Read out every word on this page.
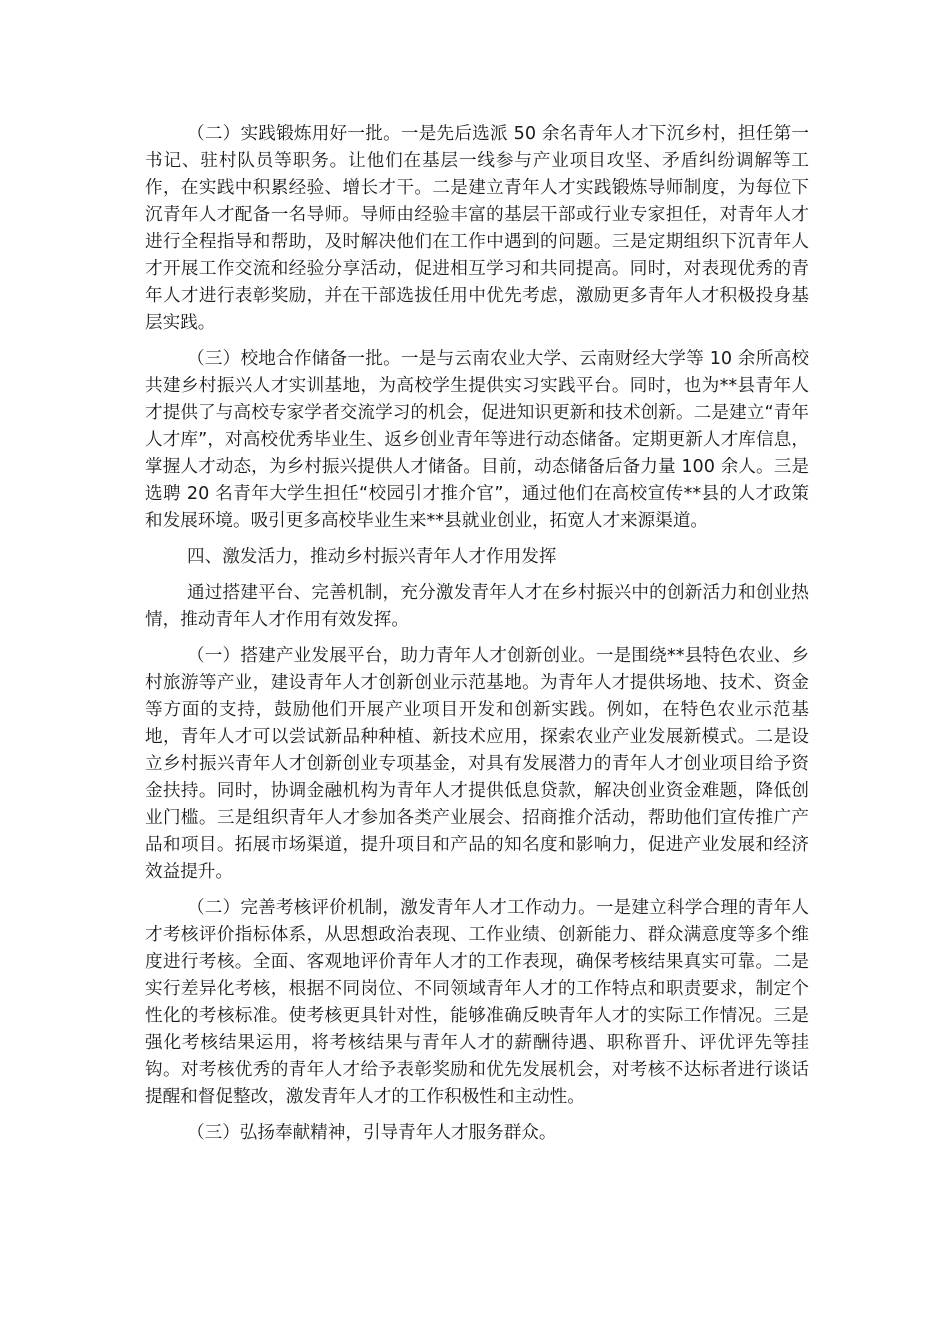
（二）实践锻炼用好一批。一是先后选派 50 余名青年人才下沉乡村，担任第一书记、驻村队员等职务。让他们在基层一线参与产业项目攻坚、矛盾纠纷调解等工作，在实践中积累经验、增长才干。二是建立青年人才实践锻炼导师制度，为每位下沉青年人才配备一名导师。导师由经验丰富的基层干部或行业专家担任，对青年人才进行全程指导和帮助，及时解决他们在工作中遇到的问题。三是定期组织下沉青年人才开展工作交流和经验分享活动，促进相互学习和共同提高。同时，对表现优秀的青年人才进行表彰奖励，并在干部选拔任用中优先考虑，激励更多青年人才积极投身基层实践。

（三）校地合作储备一批。一是与云南农业大学、云南财经大学等 10 余所高校共建乡村振兴人才实训基地，为高校学生提供实习实践平台。同时，也为**县青年人才提供了与高校专家学者交流学习的机会，促进知识更新和技术创新。二是建立“青年人才库”，对高校优秀毕业生、返乡创业青年等进行动态储备。定期更新人才库信息，掌握人才动态，为乡村振兴提供人才储备。目前，动态储备后备力量 100 余人。三是选聘 20 名青年大学生担任“校园引才推介官”，通过他们在高校宣传**县的人才政策和发展环境。吸引更多高校毕业生来**县就业创业，拓宽人才来源渠道。

四、激发活力，推动乡村振兴青年人才作用发挥

通过搭建平台、完善机制，充分激发青年人才在乡村振兴中的创新活力和创业热情，推动青年人才作用有效发挥。

（一）搭建产业发展平台，助力青年人才创新创业。一是围绕**县特色农业、乡村旅游等产业，建设青年人才创新创业示范基地。为青年人才提供场地、技术、资金等方面的支持，鼓励他们开展产业项目开发和创新实践。例如，在特色农业示范基地，青年人才可以尝试新品种种植、新技术应用，探索农业产业发展新模式。二是设立乡村振兴青年人才创新创业专项基金，对具有发展潜力的青年人才创业项目给予资金扶持。同时，协调金融机构为青年人才提供低息贷款，解决创业资金难题，降低创业门槛。三是组织青年人才参加各类产业展会、招商推介活动，帮助他们宣传推广产品和项目。拓展市场渠道，提升项目和产品的知名度和影响力，促进产业发展和经济效益提升。

（二）完善考核评价机制，激发青年人才工作动力。一是建立科学合理的青年人才考核评价指标体系，从思想政治表现、工作业绩、创新能力、群众满意度等多个维度进行考核。全面、客观地评价青年人才的工作表现，确保考核结果真实可靠。二是实行差异化考核，根据不同岗位、不同领域青年人才的工作特点和职责要求，制定个性化的考核标准。使考核更具针对性，能够准确反映青年人才的实际工作情况。三是强化考核结果运用，将考核结果与青年人才的薪酬待遇、职称晋升、评优评先等挂钩。对考核优秀的青年人才给予表彰奖励和优先发展机会，对考核不达标者进行谈话提醒和督促整改，激发青年人才的工作积极性和主动性。

（三）弘扬奉献精神，引导青年人才服务群众。
